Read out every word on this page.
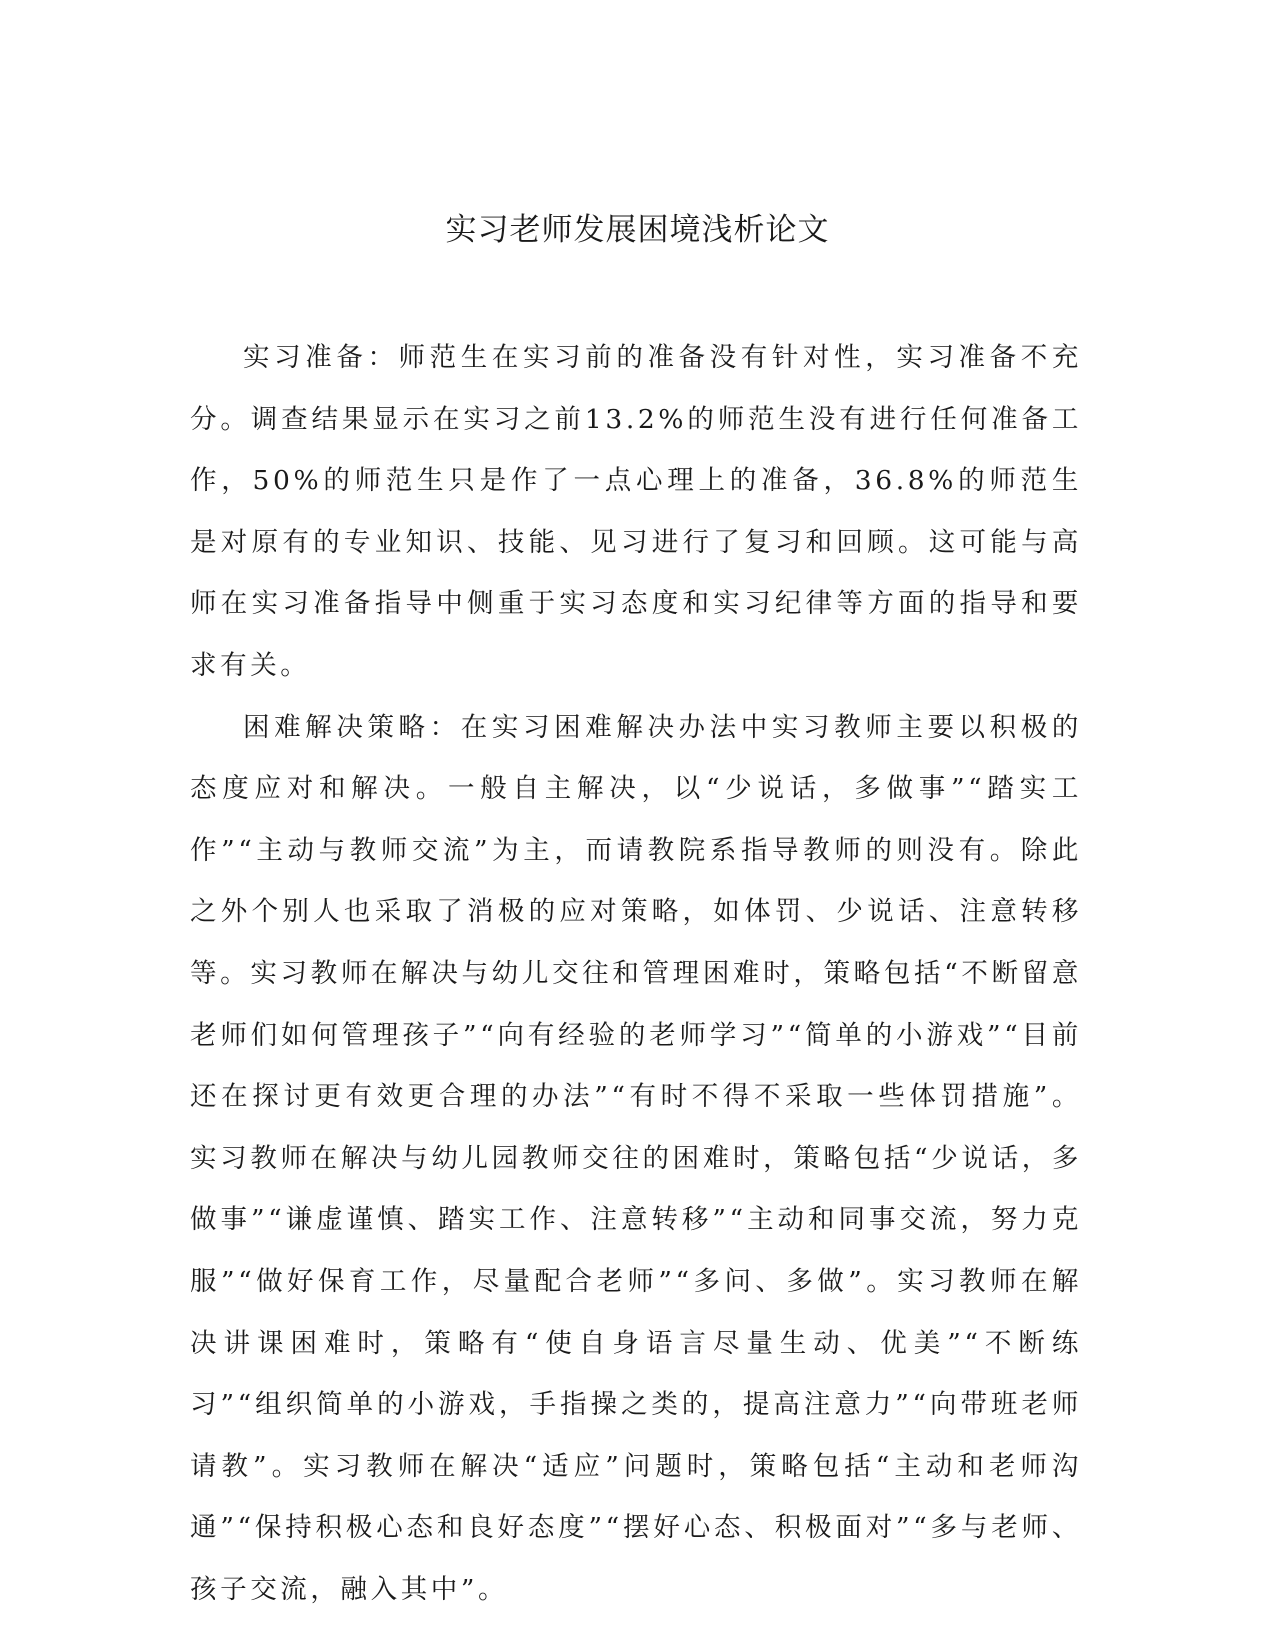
实习老师发展困境浅析论文

实习准备：师范生在实习前的准备没有针对性，实习准备不充分。调查结果显示在实习之前13.2%的师范生没有进行任何准备工作，50%的师范生只是作了一点心理上的准备，36.8%的师范生是对原有的专业知识、技能、见习进行了复习和回顾。这可能与高师在实习准备指导中侧重于实习态度和实习纪律等方面的指导和要求有关。

困难解决策略：在实习困难解决办法中实习教师主要以积极的态度应对和解决。一般自主解决，以“少说话，多做事”“踏实工作”“主动与教师交流”为主，而请教院系指导教师的则没有。除此之外个别人也采取了消极的应对策略，如体罚、少说话、注意转移等。实习教师在解决与幼儿交往和管理困难时，策略包括“不断留意老师们如何管理孩子”“向有经验的老师学习”“简单的小游戏”“目前还在探讨更有效更合理的办法”“有时不得不采取一些体罚措施”。实习教师在解决与幼儿园教师交往的困难时，策略包括“少说话，多做事”“谦虚谨慎、踏实工作、注意转移”“主动和同事交流，努力克服”“做好保育工作，尽量配合老师”“多问、多做”。实习教师在解决讲课困难时，策略有“使自身语言尽量生动、优美”“不断练习”“组织简单的小游戏，手指操之类的，提高注意力”“向带班老师请教”。实习教师在解决“适应”问题时，策略包括“主动和老师沟通”“保持积极心态和良好态度”“摆好心态、积极面对”“多与老师、孩子交流，融入其中”。
